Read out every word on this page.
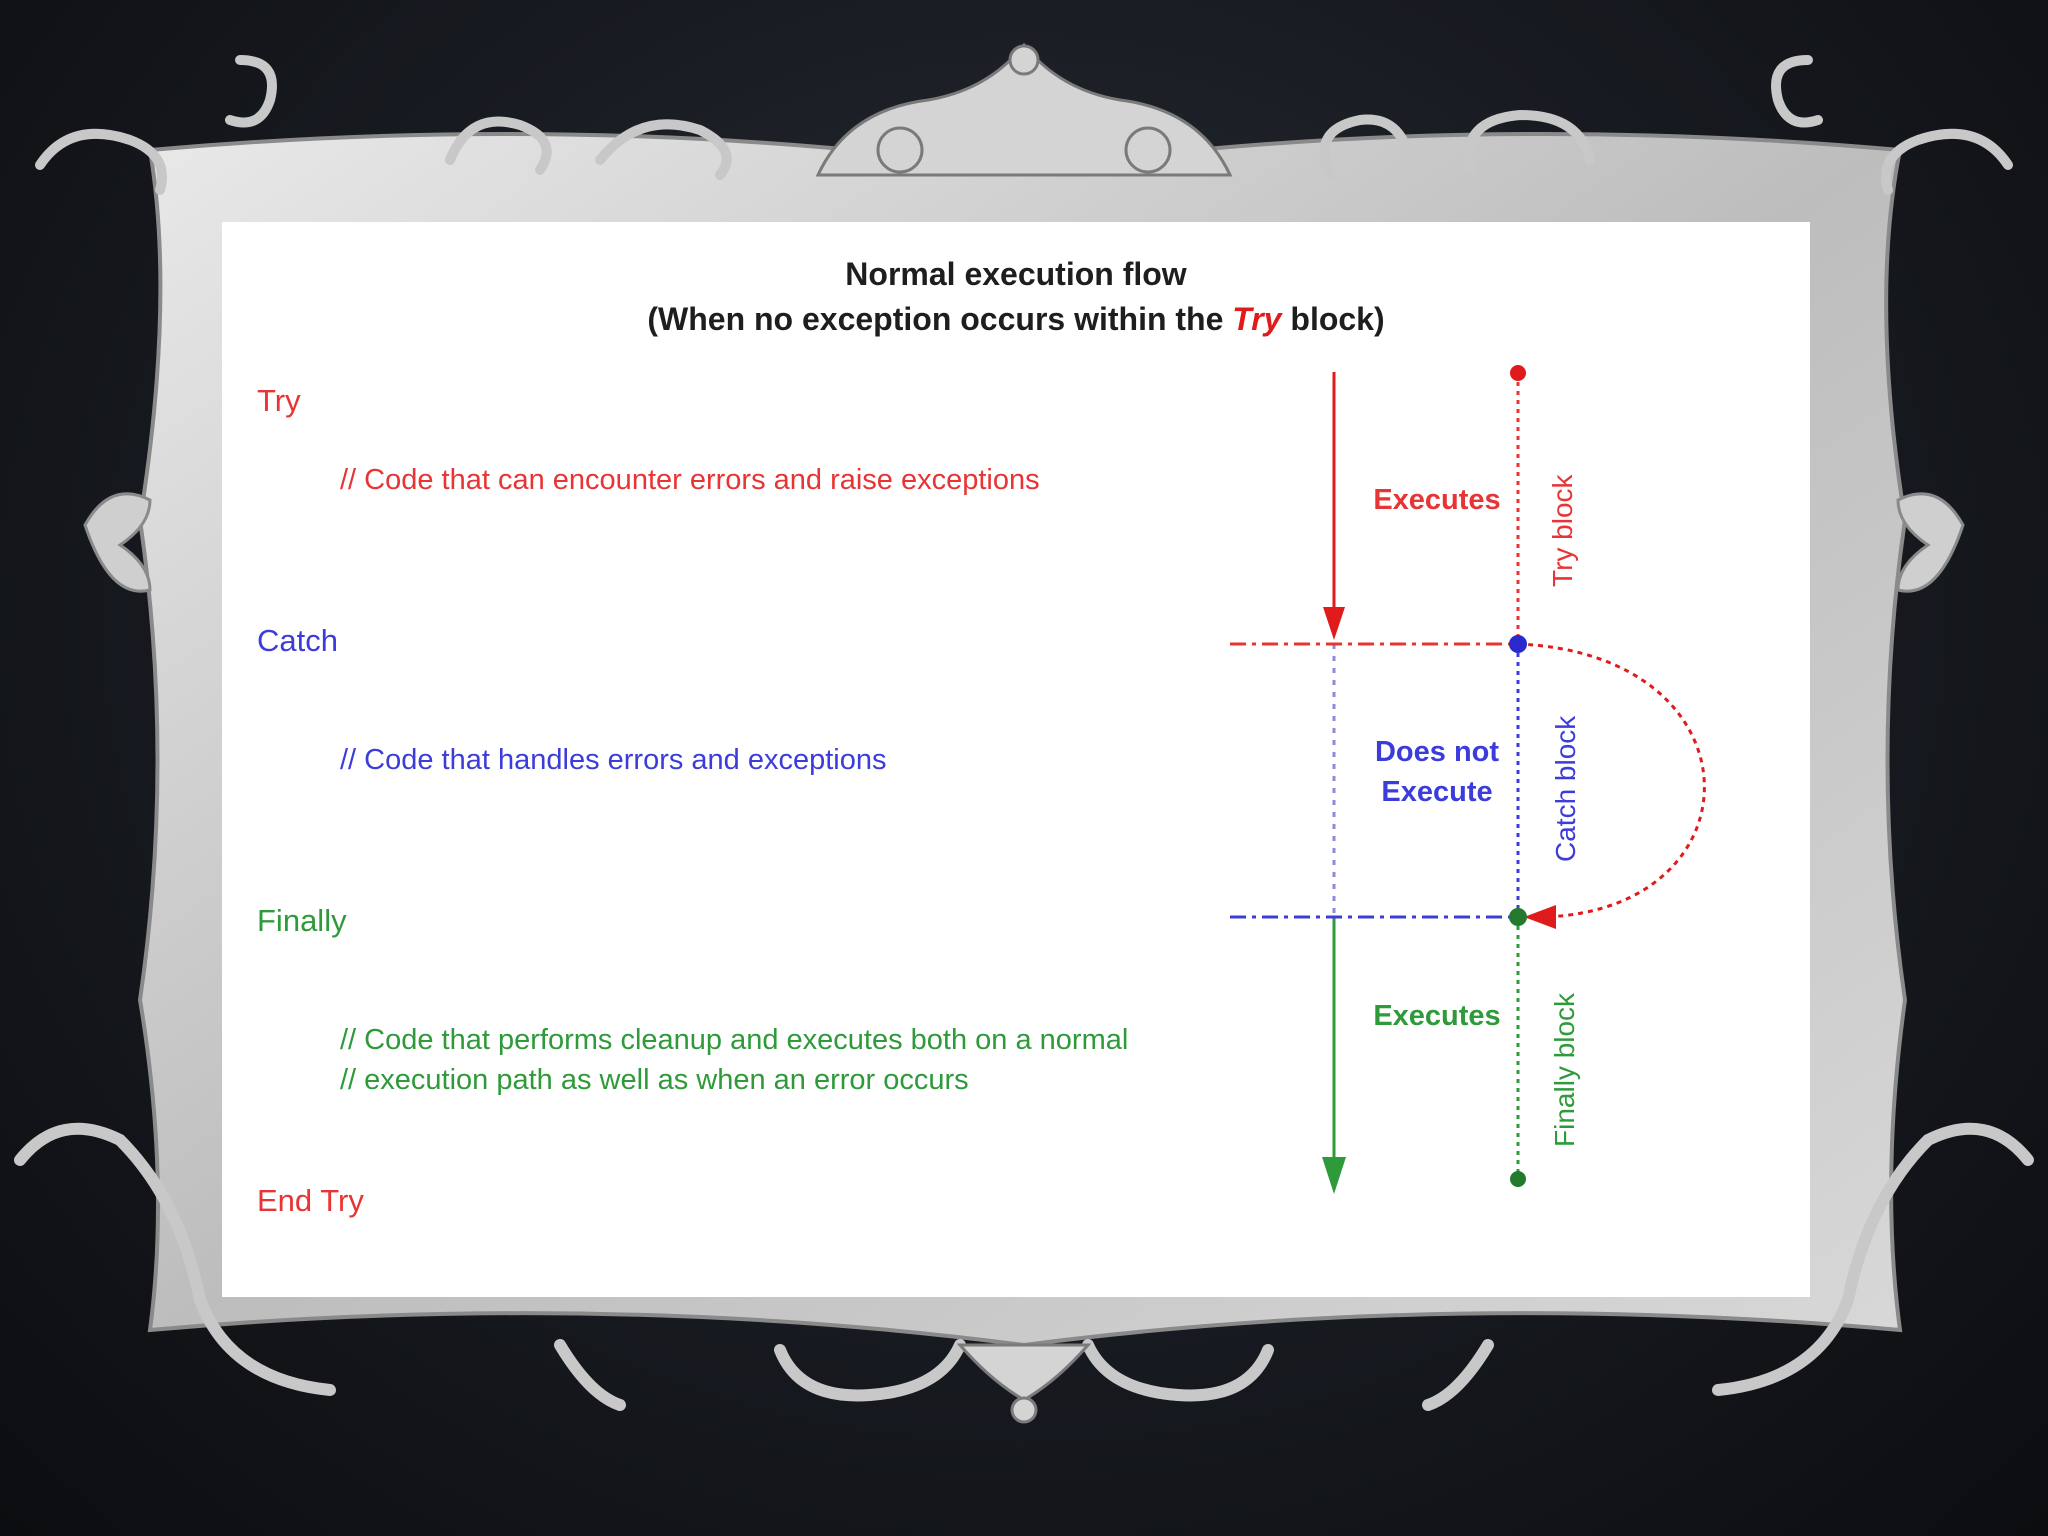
Normal execution flow
(When no exception occurs within the Try block)
Try
// Code that can encounter errors and raise exceptions
Catch
// Code that handles errors and exceptions
Finally
// Code that performs cleanup and executes both on a normal
// execution path as well as when an error occurs
End Try
Executes
Does not
Execute
Executes
Try block
Catch block
Finally block
